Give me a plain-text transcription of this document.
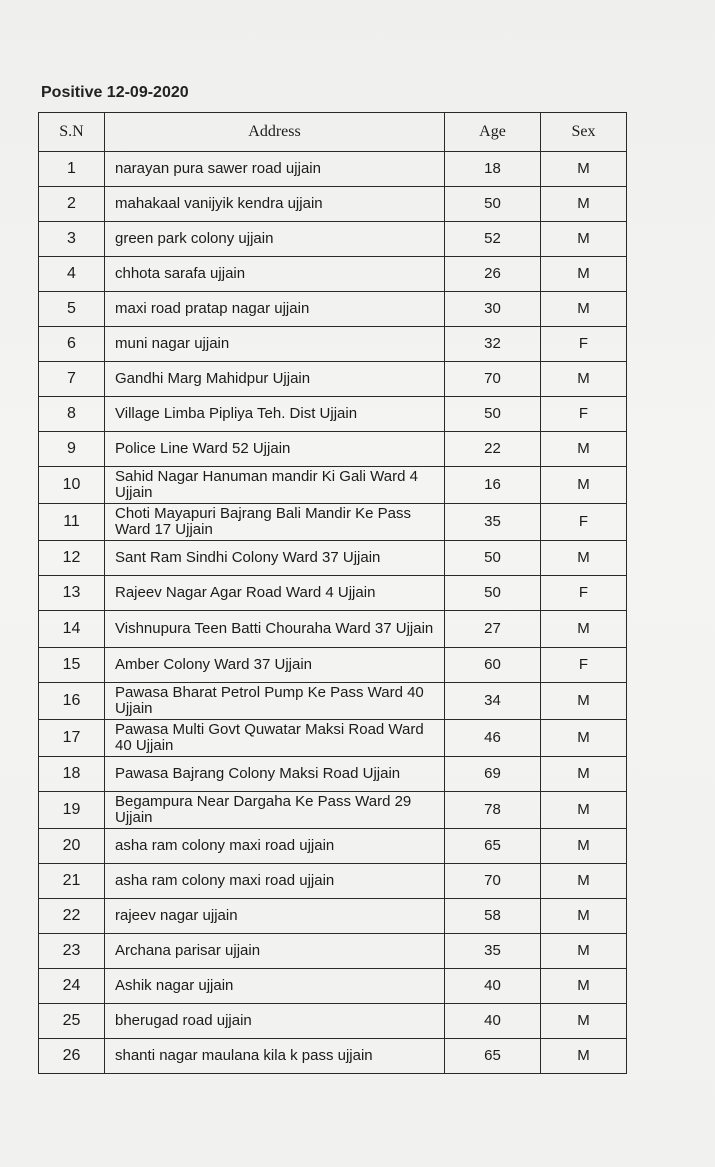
Positive 12-09-2020
S.N	Address	Age	Sex
1	narayan pura sawer road ujjain	18	M
2	mahakaal vanijyik kendra ujjain	50	M
3	green park colony ujjain	52	M
4	chhota sarafa ujjain	26	M
5	maxi road pratap nagar ujjain	30	M
6	muni nagar ujjain	32	F
7	Gandhi Marg Mahidpur Ujjain	70	M
8	Village Limba Pipliya Teh. Dist Ujjain	50	F
9	Police Line Ward 52 Ujjain	22	M
10	Sahid Nagar Hanuman mandir Ki Gali Ward 4 Ujjain	16	M
11	Choti Mayapuri Bajrang Bali Mandir Ke Pass Ward 17 Ujjain	35	F
12	Sant Ram Sindhi Colony Ward 37 Ujjain	50	M
13	Rajeev Nagar Agar Road Ward 4 Ujjain	50	F
14	Vishnupura Teen Batti Chouraha Ward 37 Ujjain	27	M
15	Amber Colony Ward 37 Ujjain	60	F
16	Pawasa Bharat Petrol Pump Ke Pass Ward 40 Ujjain	34	M
17	Pawasa Multi Govt Quwatar Maksi Road Ward 40 Ujjain	46	M
18	Pawasa Bajrang Colony Maksi Road Ujjain	69	M
19	Begampura Near Dargaha Ke Pass Ward 29 Ujjain	78	M
20	asha ram colony maxi road ujjain	65	M
21	asha ram colony maxi road ujjain	70	M
22	rajeev nagar ujjain	58	M
23	Archana parisar ujjain	35	M
24	Ashik nagar ujjain	40	M
25	bherugad road ujjain	40	M
26	shanti nagar maulana kila k pass ujjain	65	M
